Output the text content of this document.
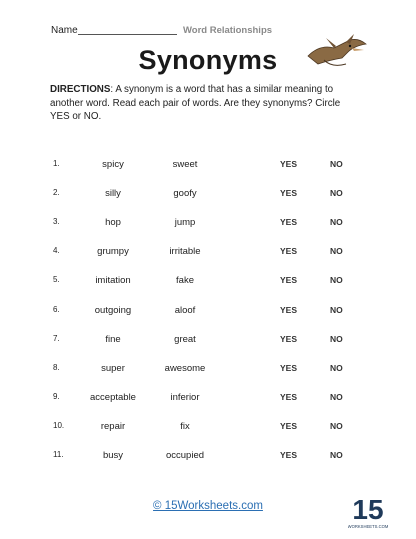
Name	Word Relationships
Synonyms
DIRECTIONS: A synonym is a word that has a similar meaning to another word. Read each pair of words. Are they synonyms? Circle YES or NO.
1.	spicy	sweet	YES	NO
2.	silly	goofy	YES	NO
3.	hop	jump	YES	NO
4.	grumpy	irritable	YES	NO
5.	imitation	fake	YES	NO
6.	outgoing	aloof	YES	NO
7.	fine	great	YES	NO
8.	super	awesome	YES	NO
9.	acceptable	inferior	YES	NO
10.	repair	fix	YES	NO
11.	busy	occupied	YES	NO
© 15Worksheets.com	15
WORKSHEETS.COM
